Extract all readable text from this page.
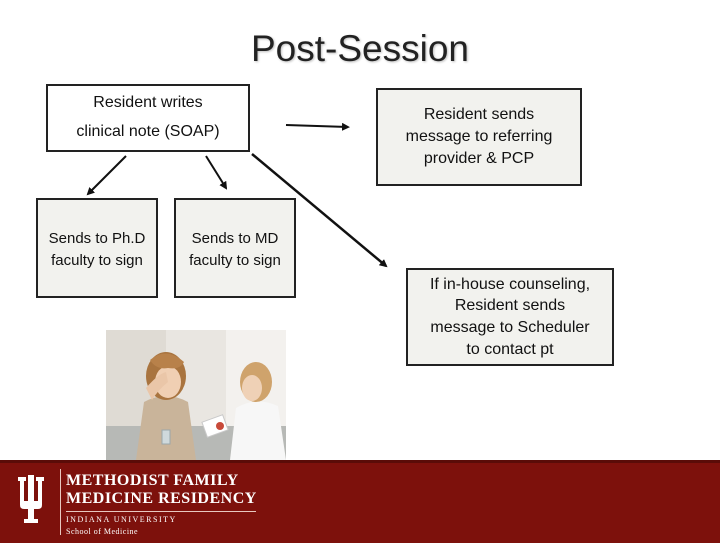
Post-Session
Resident writes
clinical note (SOAP)
Resident sends
message to referring
provider & PCP
Sends to Ph.D
faculty to sign
Sends to MD
faculty to sign
If in-house counseling,
Resident sends
message to Scheduler
to contact pt
METHODIST FAMILY
MEDICINE RESIDENCY
INDIANA UNIVERSITY
School of Medicine
